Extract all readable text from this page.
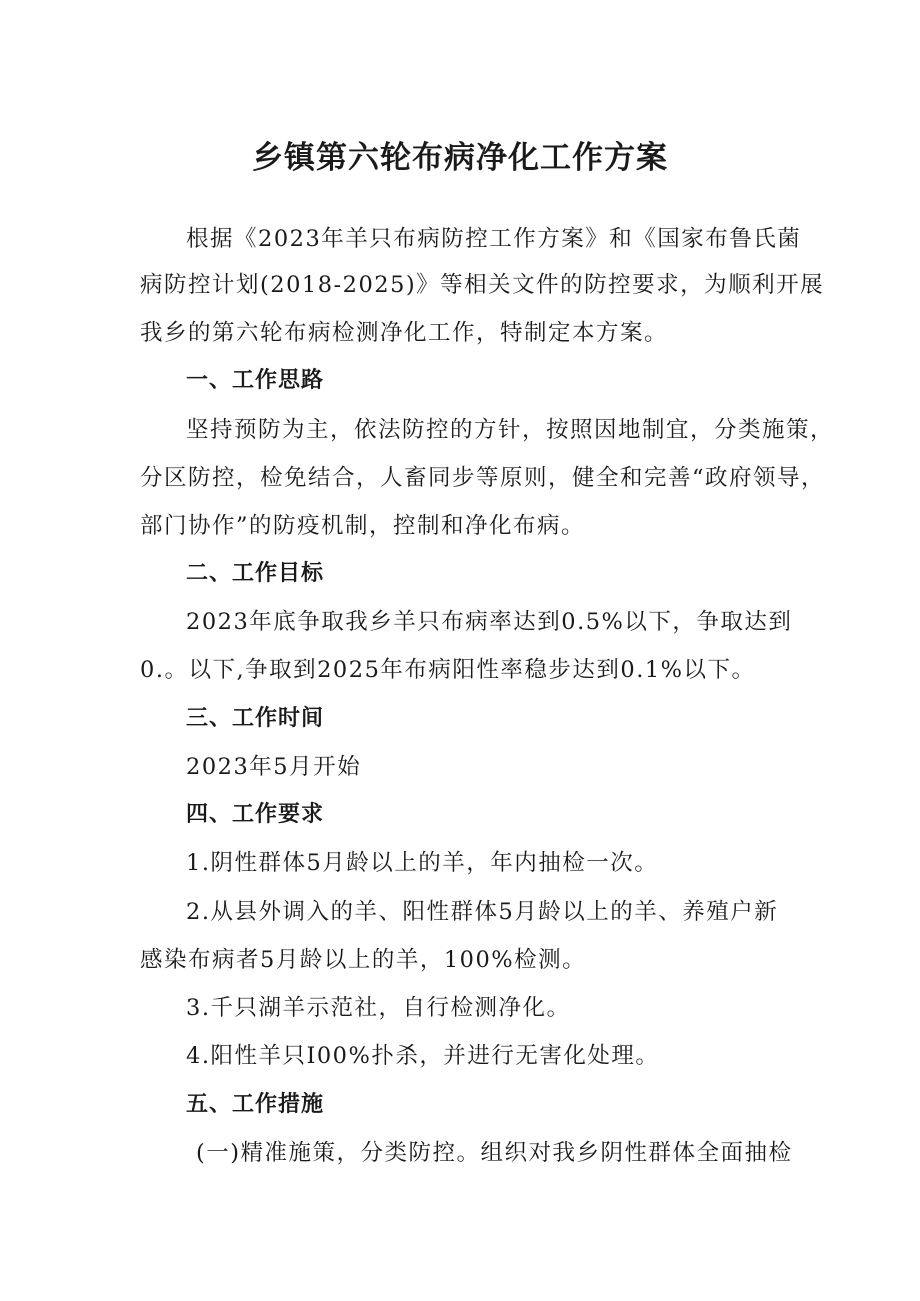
乡镇第六轮布病净化工作方案

根据《2023年羊只布病防控工作方案》和《国家布鲁氏菌

病防控计划(2018-2025)》等相关文件的防控要求，为顺利开展

我乡的第六轮布病检测净化工作，特制定本方案。

一、工作思路

坚持预防为主，依法防控的方针，按照因地制宜，分类施策，

分区防控，检免结合，人畜同步等原则，健全和完善“政府领导，

部门协作”的防疫机制，控制和净化布病。

二、工作目标

2023年底争取我乡羊只布病率达到0.5%以下，争取达到

0.。以下,争取到2025年布病阳性率稳步达到0.1%以下。

三、工作时间

2023年5月开始

四、工作要求

1.阴性群体5月龄以上的羊，年内抽检一次。

2.从县外调入的羊、阳性群体5月龄以上的羊、养殖户新

感染布病者5月龄以上的羊，100%检测。

3.千只湖羊示范社，自行检测净化。

4.阳性羊只I00%扑杀，并进行无害化处理。

五、工作措施

(一)精准施策，分类防控。组织对我乡阴性群体全面抽检
